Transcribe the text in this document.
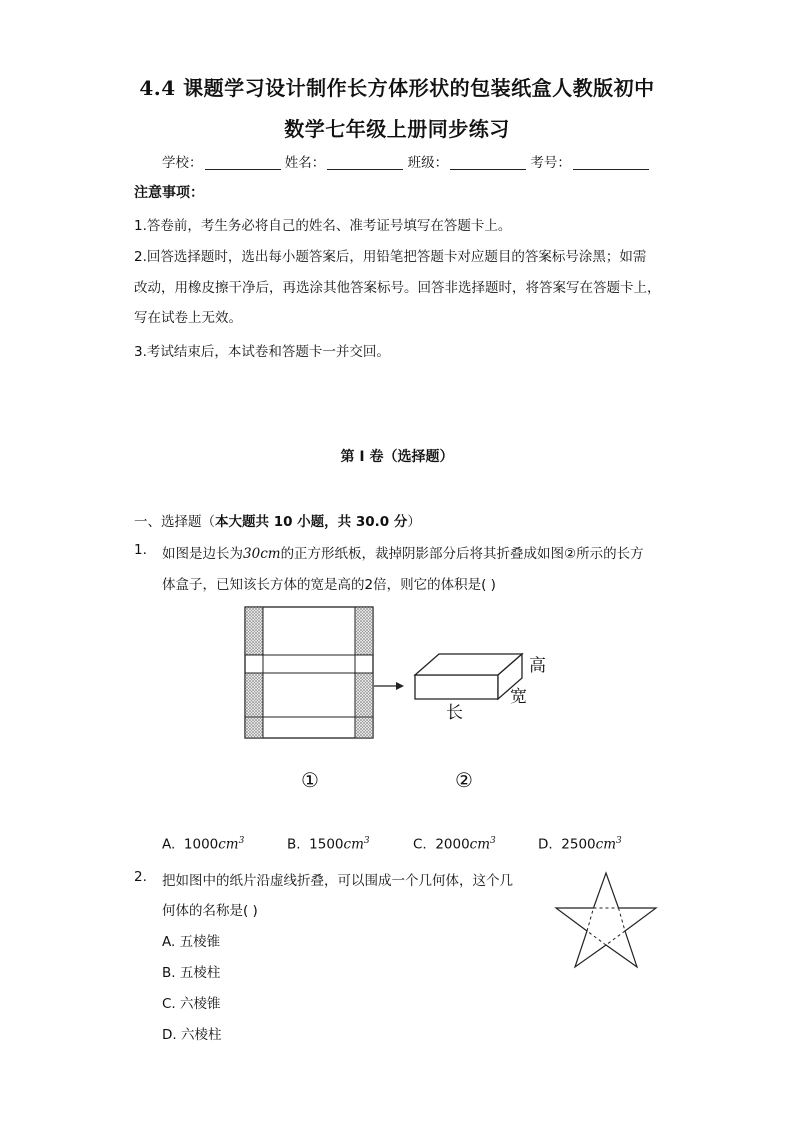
4.4 课题学习设计制作长方体形状的包装纸盒人教版初中
数学七年级上册同步练习
学校：	姓名：	班级：	考号：
注意事项：
1.答卷前，考生务必将自己的姓名、准考证号填写在答题卡上。
2.回答选择题时，选出每小题答案后，用铅笔把答题卡对应题目的答案标号涂黑；如需
改动，用橡皮擦干净后，再选涂其他答案标号。回答非选择题时，将答案写在答题卡上，
写在试卷上无效。
3.考试结束后，本试卷和答题卡一并交回。
第 I 卷（选择题）
一、选择题（本大题共 10 小题，共 30.0 分）
1. 如图是边长为30cm的正方形纸板，裁掉阴影部分后将其折叠成如图②所示的长方
体盒子，已知该长方体的宽是高的2倍，则它的体积是( )
高
宽
长
①	②
A. $1000cm^3$	B. $1500cm^3$	C. $2000cm^3$	D. $2500cm^3$
2. 把如图中的纸片沿虚线折叠，可以围成一个几何体，这个几
何体的名称是( )
A. 五棱锥
B. 五棱柱
C. 六棱锥
D. 六棱柱
